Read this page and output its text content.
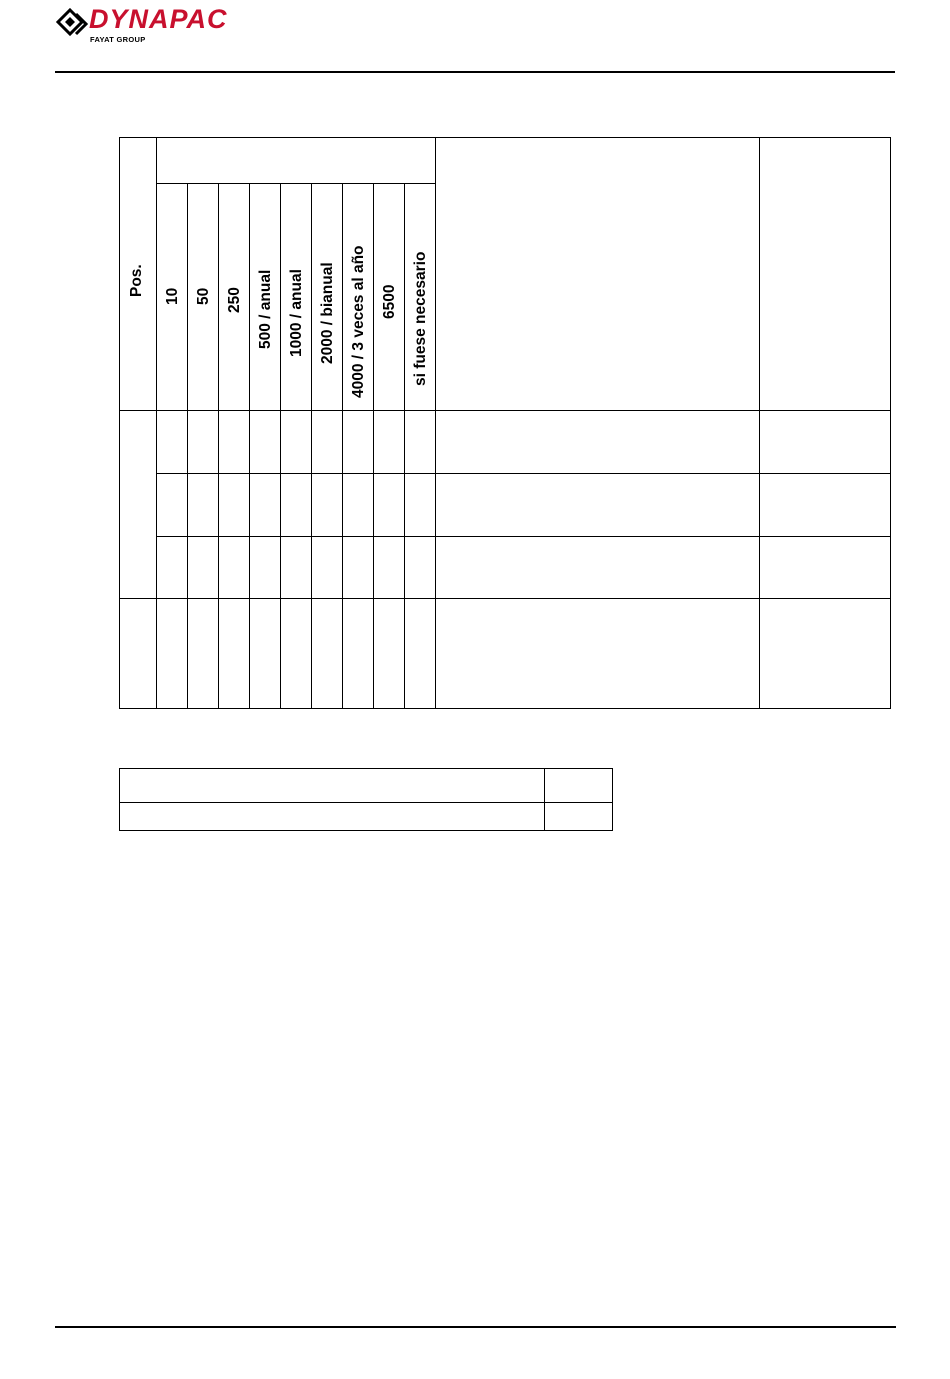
DYNAPAC
FAYAT GROUP
Pos. 10 50 250 500 / anual 1000 / anual 2000 / bianual 4000 / 3 veces al año 6500 si fuese necesario
